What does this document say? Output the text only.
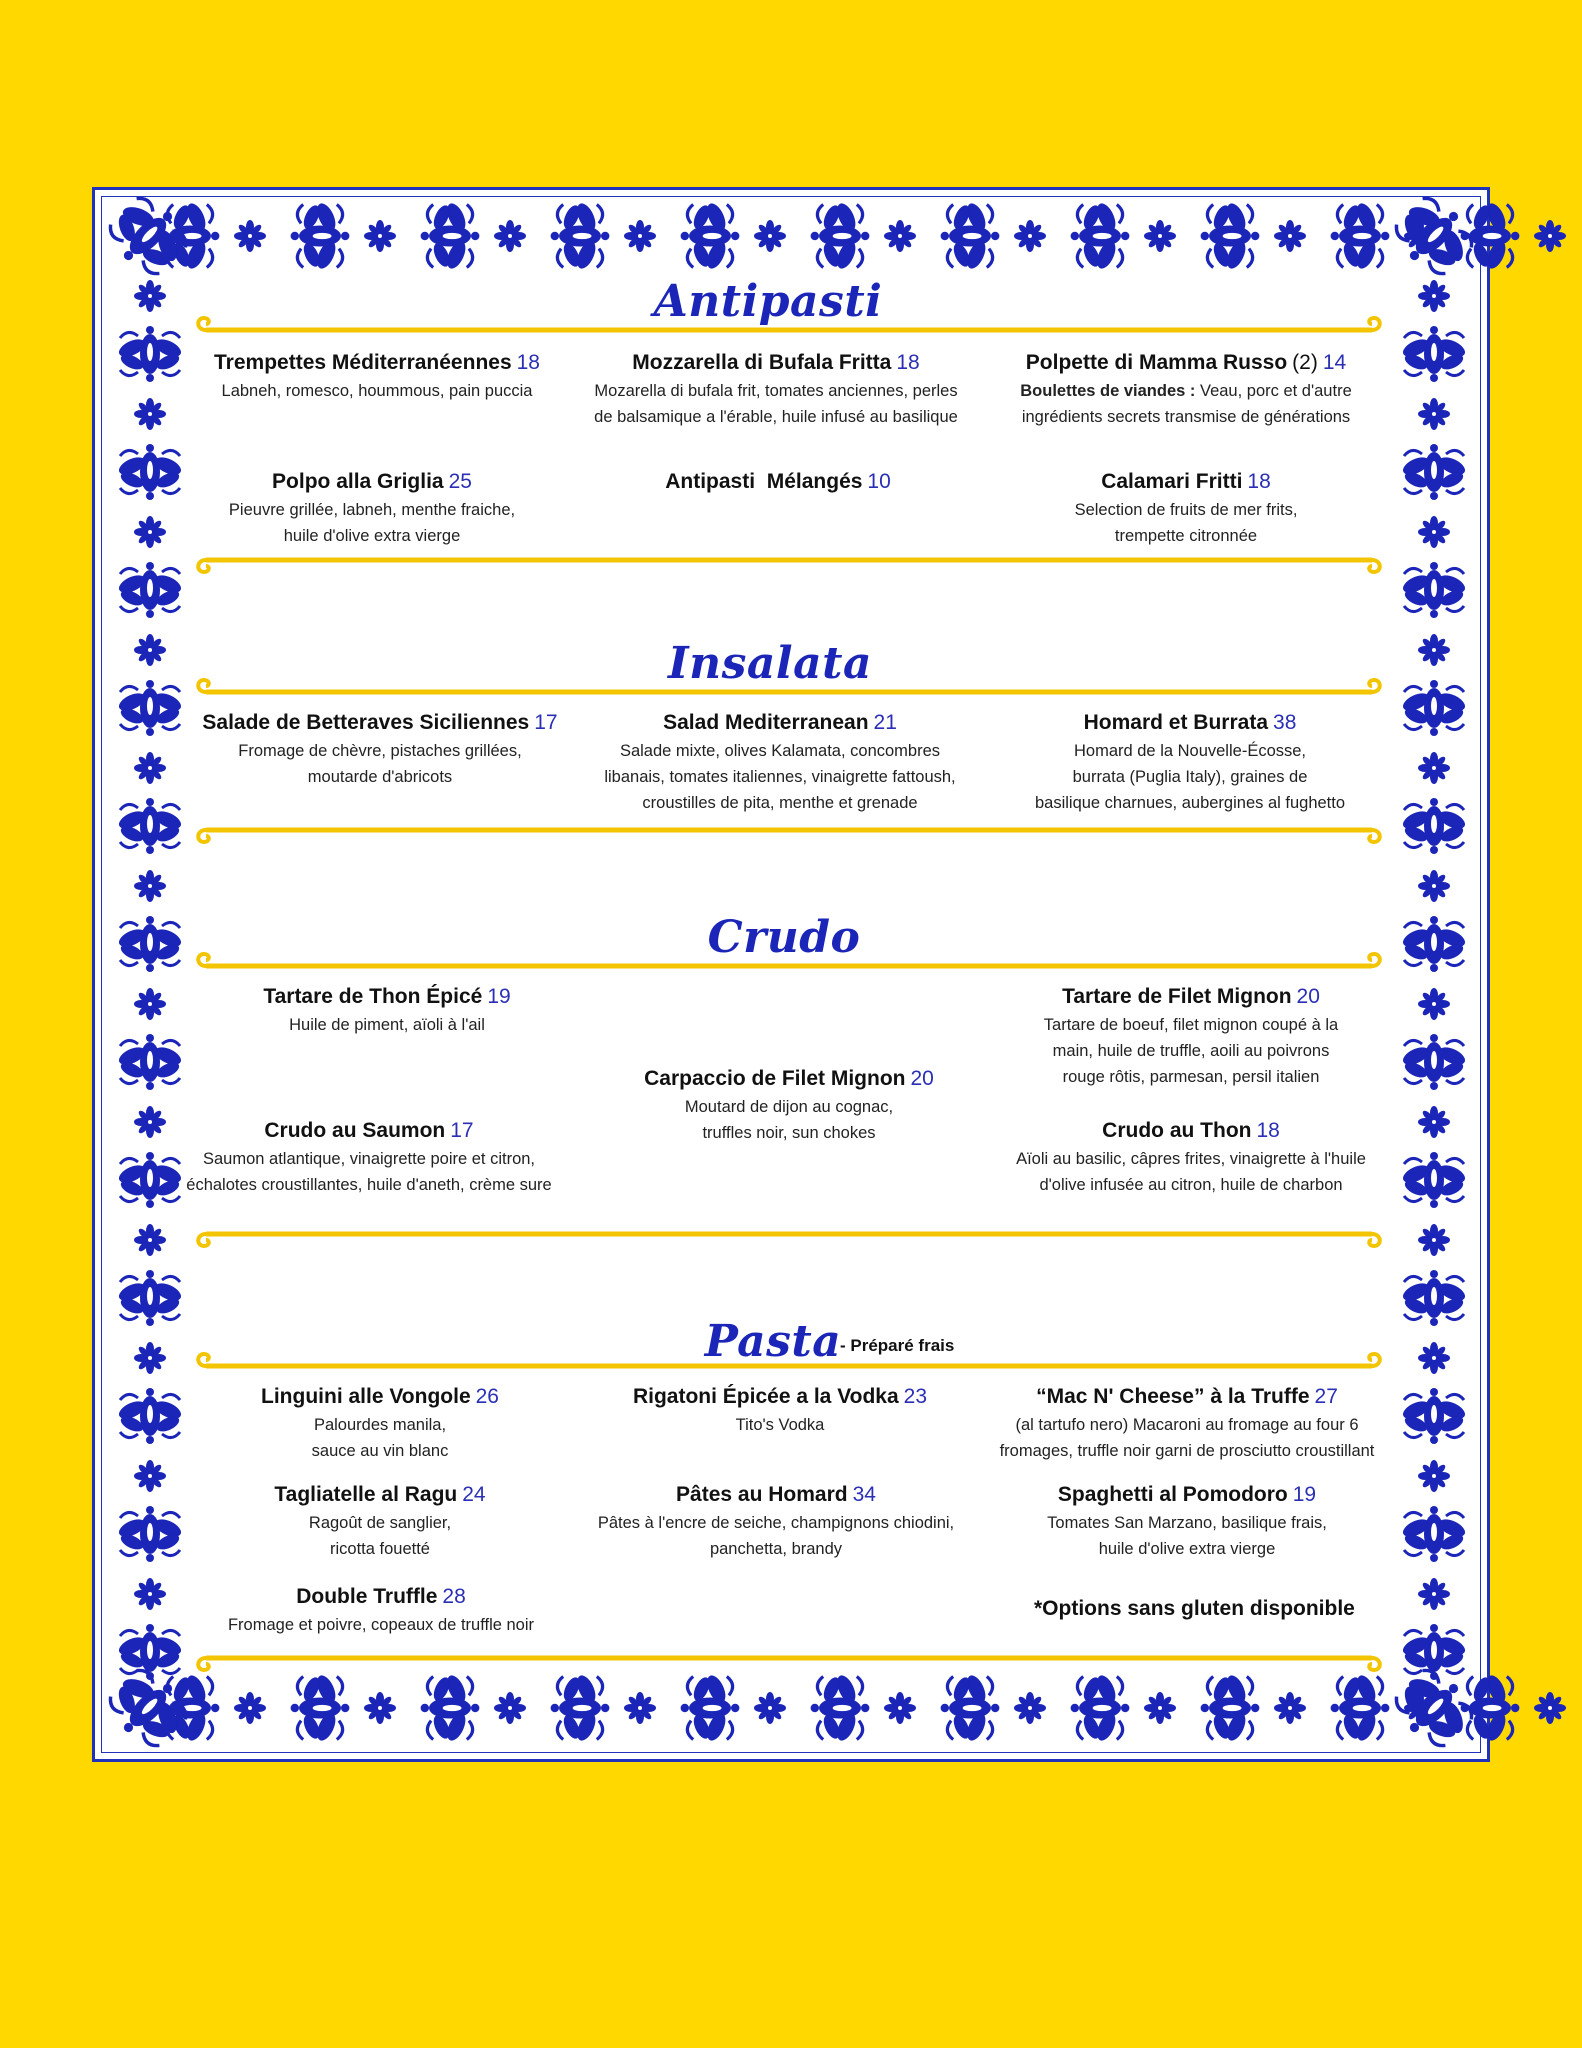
Antipasti
Insalata
Crudo
Pasta
- Préparé frais
Trempettes Méditerranéennes 18
Labneh, romesco, hoummous, pain puccia
Mozzarella di Bufala Fritta 18
Mozarella di bufala frit, tomates anciennes, perles
de balsamique a l'érable, huile infusé au basilique
Polpette di Mamma Russo (2) 14
Boulettes de viandes : Veau, porc et d'autre
ingrédients secrets transmise de générations
Polpo alla Griglia 25
Pieuvre grillée, labneh, menthe fraiche,
huile d'olive extra vierge
Antipasti  Mélangés 10	Calamari Fritti 18
Selection de fruits de mer frits,
trempette citronnée
Salade de Betteraves Siciliennes 17
Fromage de chèvre, pistaches grillées,
moutarde d'abricots
Salad Mediterranean 21
Salade mixte, olives Kalamata, concombres
libanais, tomates italiennes, vinaigrette fattoush,
croustilles de pita, menthe et grenade
Homard et Burrata 38
Homard de la Nouvelle-Écosse,
burrata (Puglia Italy), graines de
basilique charnues, aubergines al fughetto
Tartare de Thon Épicé 19
Huile de piment, aïoli à l'ail
Tartare de Filet Mignon 20
Tartare de boeuf, filet mignon coupé à la
main, huile de truffle, aoili au poivrons
rouge rôtis, parmesan, persil italien
Carpaccio de Filet Mignon 20
Moutard de dijon au cognac,
truffles noir, sun chokes
Crudo au Saumon 17
Saumon atlantique, vinaigrette poire et citron,
échalotes croustillantes, huile d'aneth, crème sure
Crudo au Thon 18
Aïoli au basilic, câpres frites, vinaigrette à l'huile
d'olive infusée au citron, huile de charbon
Linguini alle Vongole 26
Palourdes manila,
sauce au vin blanc
Rigatoni Épicée a la Vodka 23
Tito's Vodka
“Mac N' Cheese” à la Truffe 27
(al tartufo nero) Macaroni au fromage au four 6
fromages, truffle noir garni de prosciutto croustillant
Tagliatelle al Ragu 24
Ragoût de sanglier,
ricotta fouetté
Pâtes au Homard 34
Pâtes à l'encre de seiche, champignons chiodini,
panchetta, brandy
Spaghetti al Pomodoro 19
Tomates San Marzano, basilique frais,
huile d'olive extra vierge
Double Truffle 28
Fromage et poivre, copeaux de truffle noir
*Options sans gluten disponible
